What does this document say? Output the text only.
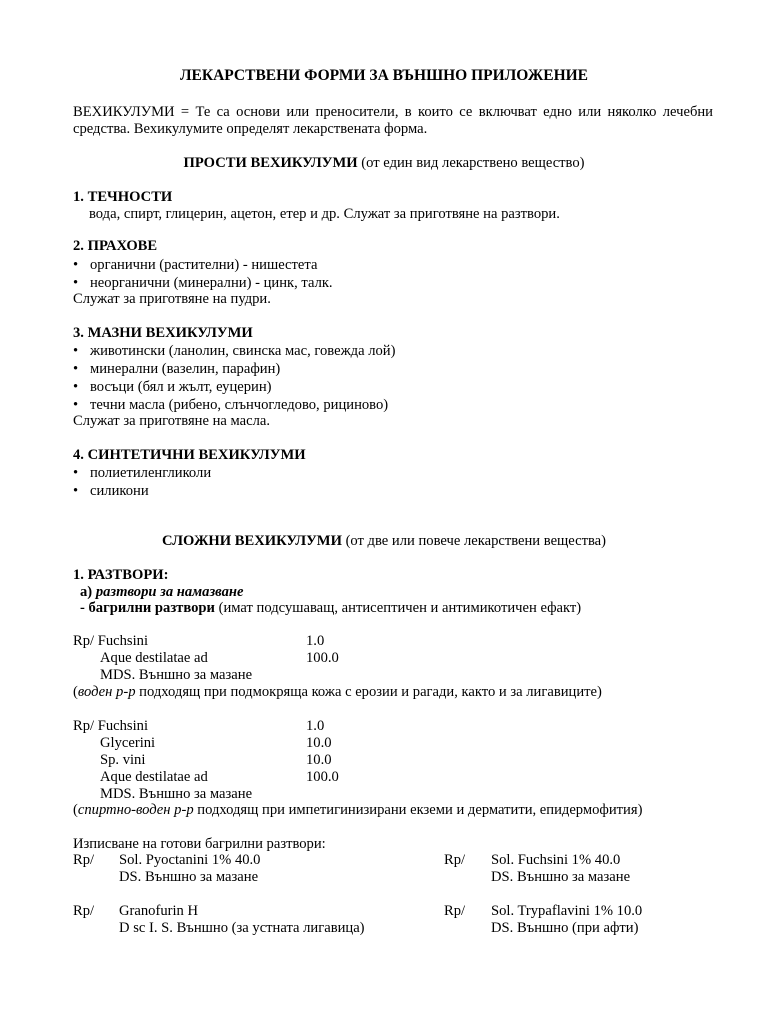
ЛЕКАРСТВЕНИ ФОРМИ ЗА ВЪНШНО ПРИЛОЖЕНИЕ
ВЕХИКУЛУМИ = Те са основи или преносители, в които се включват едно или няколко лечебни средства. Вехикулумите определят лекарствената форма.
ПРОСТИ ВЕХИКУЛУМИ (от един вид лекарствено вещество)
1. ТЕЧНОСТИ
вода, спирт, глицерин, ацетон, етер и др. Служат за приготвяне на разтвори.
2. ПРАХОВЕ
• органични (растителни) - нишестета
• неорганични (минерални) - цинк, талк.
Служат за приготвяне на пудри.
3. МАЗНИ ВЕХИКУЛУМИ
• животински (ланолин, свинска мас, говежда лой)
• минерални (вазелин, парафин)
• восъци (бял и жълт, еуцерин)
• течни масла (рибено, слънчогледово, рициново)
Служат за приготвяне на масла.
4. СИНТЕТИЧНИ ВЕХИКУЛУМИ
• полиетиленгликоли
• силикони
СЛОЖНИ ВЕХИКУЛУМИ (от две или повече лекарствени вещества)
1. РАЗТВОРИ:
а) разтвори за намазване
- багрилни разтвори (имат подсушаващ, антисептичен и антимикотичен ефакт)
Rp/ Fuchsini	1.0
Aque destilatae ad	100.0
MDS. Външно за мазане
(воден р-р подходящ при подмокряща кожа с ерозии и рагади, както и за лигавиците)
Rp/ Fuchsini	1.0
Glycerini	10.0
Sp. vini	10.0
Aque destilatae ad	100.0
MDS. Външно за мазане
(спиртно-воден р-р подходящ при импетигинизирани екземи и дерматити, епидермофития)
Изписване на готови багрилни разтвори:
Rp/ Sol. Pyoctanini 1% 40.0
DS. Външно за мазане
Rp/ Sol. Fuchsini 1% 40.0
DS. Външно за мазане
Rp/ Granofurin H
D sc I. S. Външно (за устната лигавица)
Rp/ Sol. Trypaflavini 1% 10.0
DS. Външно (при афти)
